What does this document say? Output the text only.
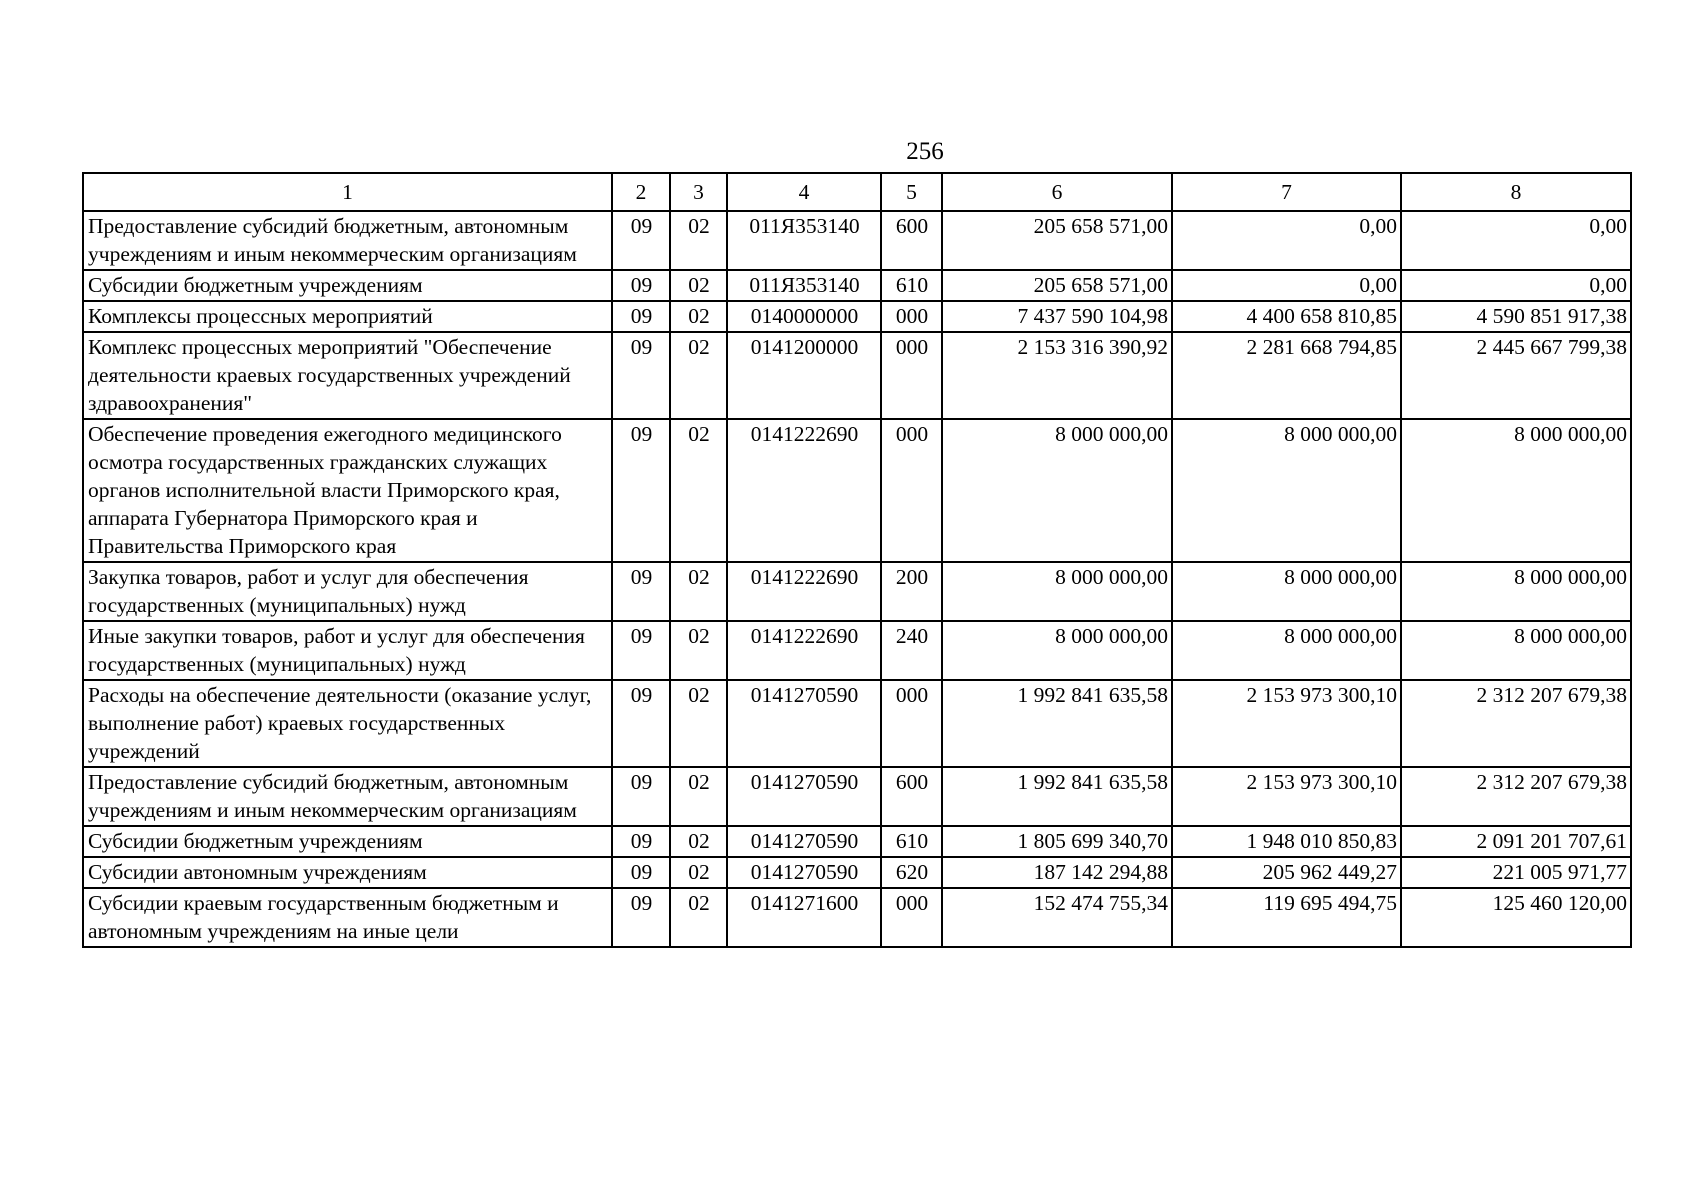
256
1	2	3	4	5	6	7	8
Предоставление субсидий бюджетным, автономным учреждениям и иным некоммерческим организациям	09	02	011Я353140	600	205 658 571,00	0,00	0,00
Субсидии бюджетным учреждениям	09	02	011Я353140	610	205 658 571,00	0,00	0,00
Комплексы процессных мероприятий	09	02	0140000000	000	7 437 590 104,98	4 400 658 810,85	4 590 851 917,38
Комплекс процессных мероприятий "Обеспечение деятельности краевых государственных учреждений здравоохранения"	09	02	0141200000	000	2 153 316 390,92	2 281 668 794,85	2 445 667 799,38
Обеспечение проведения ежегодного медицинского осмотра государственных гражданских служащих органов исполнительной власти Приморского края, аппарата Губернатора Приморского края и Правительства Приморского края	09	02	0141222690	000	8 000 000,00	8 000 000,00	8 000 000,00
Закупка товаров, работ и услуг для обеспечения государственных (муниципальных) нужд	09	02	0141222690	200	8 000 000,00	8 000 000,00	8 000 000,00
Иные закупки товаров, работ и услуг для обеспечения государственных (муниципальных) нужд	09	02	0141222690	240	8 000 000,00	8 000 000,00	8 000 000,00
Расходы на обеспечение деятельности (оказание услуг, выполнение работ) краевых государственных учреждений	09	02	0141270590	000	1 992 841 635,58	2 153 973 300,10	2 312 207 679,38
Предоставление субсидий бюджетным, автономным учреждениям и иным некоммерческим организациям	09	02	0141270590	600	1 992 841 635,58	2 153 973 300,10	2 312 207 679,38
Субсидии бюджетным учреждениям	09	02	0141270590	610	1 805 699 340,70	1 948 010 850,83	2 091 201 707,61
Субсидии автономным учреждениям	09	02	0141270590	620	187 142 294,88	205 962 449,27	221 005 971,77
Субсидии краевым государственным бюджетным и автономным учреждениям на иные цели	09	02	0141271600	000	152 474 755,34	119 695 494,75	125 460 120,00
